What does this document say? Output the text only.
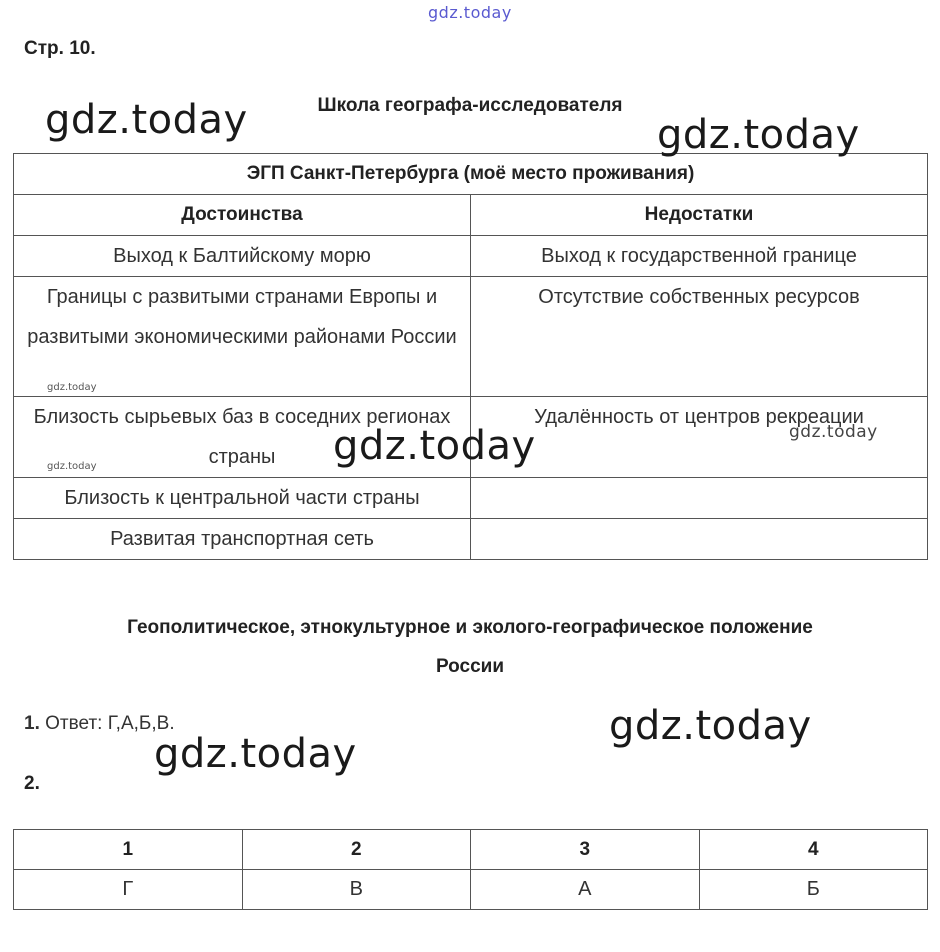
gdz.today
Стр. 10.
Школа географа-исследователя
ЭГП Санкт-Петербурга (моё место проживания)	
Достоинства	Недостатки
Выход к Балтийскому морю	Выход к государственной границе
Границы с развитыми странами Европы и развитыми экономическими районами России	Отсутствие собственных ресурсов
Близость сырьевых баз в соседних регионах страны	Удалённость от центров рекреации
Близость к центральной части страны	
Развитая транспортная сеть	
Геополитическое, этнокультурное и эколого-географическое положение
России
1. Ответ: Г,А,Б,В.
2.
1	2	3	4
Г	В	А	Б
gdz.today	gdz.today
gdz.today
gdz.today
gdz.today
gdz.today
gdz.today
gdz.today
